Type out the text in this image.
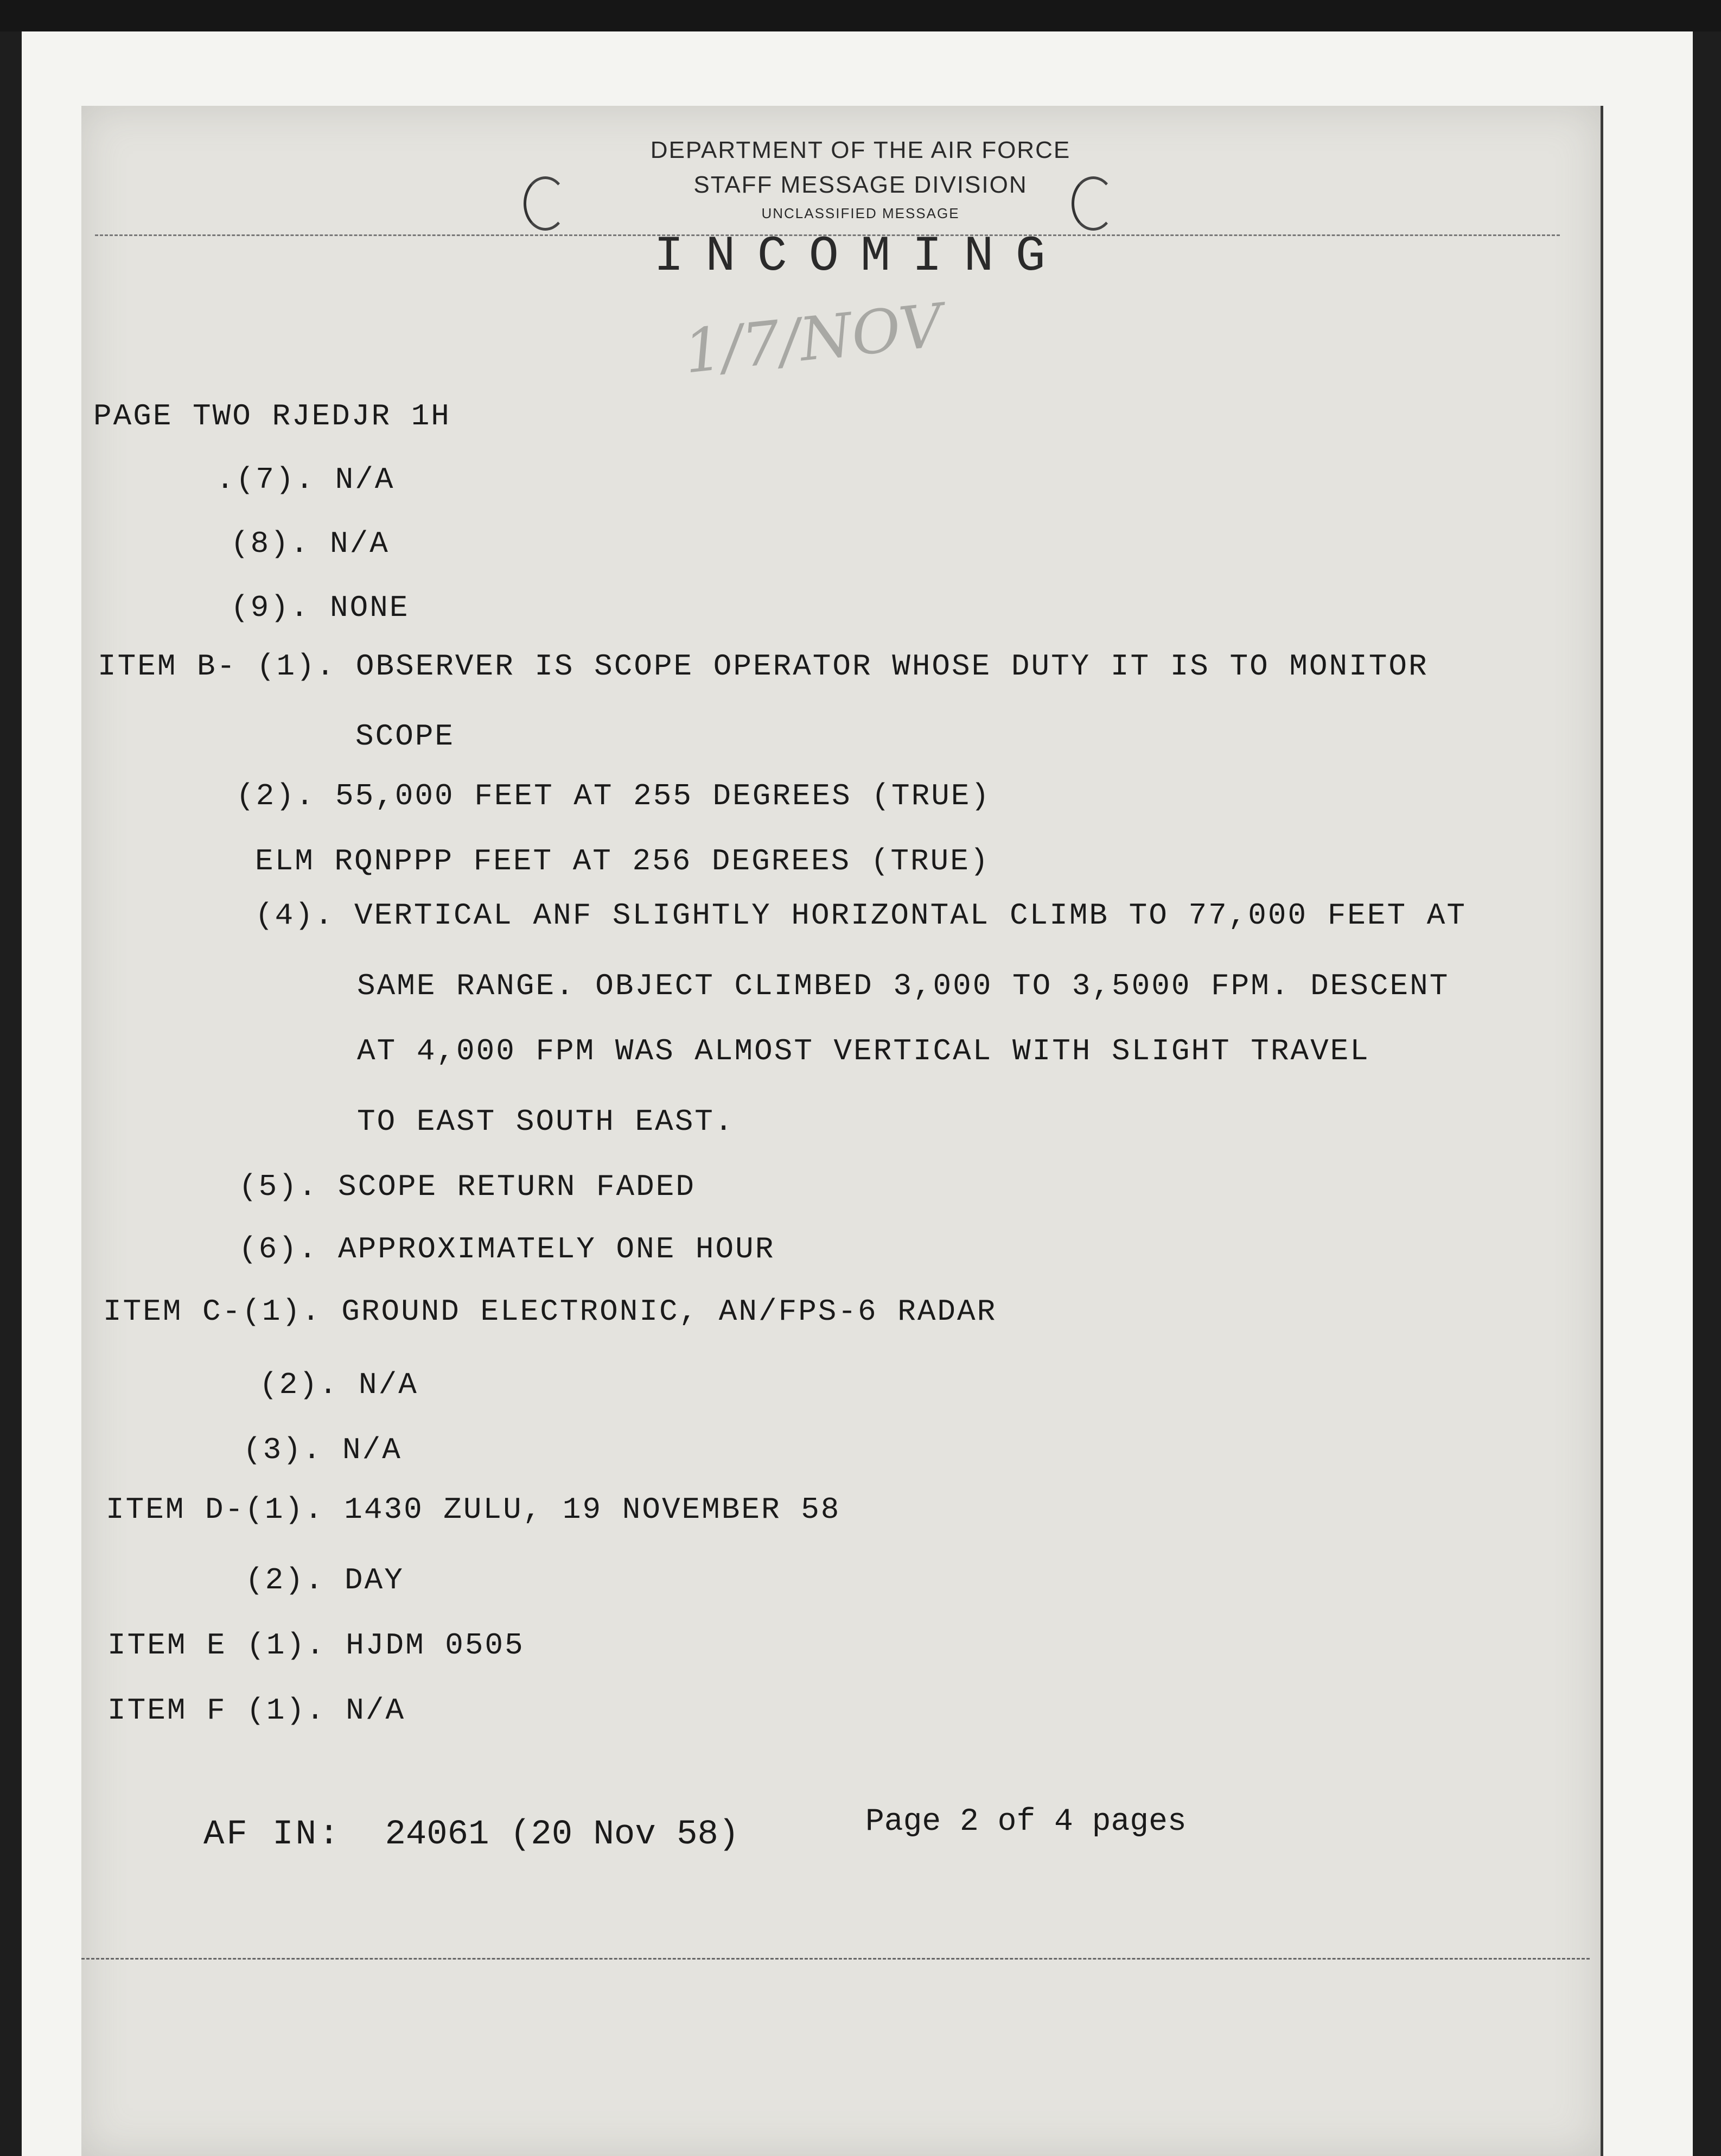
DEPARTMENT OF THE AIR FORCE
STAFF MESSAGE DIVISION
UNCLASSIFIED MESSAGE
INCOMING
1/7/NOV
PAGE TWO RJEDJR 1H
.(7). N/A
(8). N/A
(9). NONE
ITEM B- (1). OBSERVER IS SCOPE OPERATOR WHOSE DUTY IT IS TO MONITOR
SCOPE
(2). 55,000 FEET AT 255 DEGREES (TRUE)
ELM RQNPPP FEET AT 256 DEGREES (TRUE)
(4). VERTICAL ANF SLIGHTLY HORIZONTAL CLIMB TO 77,000 FEET AT
SAME RANGE. OBJECT CLIMBED 3,000 TO 3,5000 FPM. DESCENT
AT 4,000 FPM WAS ALMOST VERTICAL WITH SLIGHT TRAVEL
TO EAST SOUTH EAST.
(5). SCOPE RETURN FADED
(6). APPROXIMATELY ONE HOUR
ITEM C-(1). GROUND ELECTRONIC, AN/FPS-6 RADAR
(2). N/A
(3). N/A
ITEM D-(1). 1430 ZULU, 19 NOVEMBER 58
(2). DAY
ITEM E (1). HJDM 0505
ITEM F (1). N/A
AF IN: 24061 (20 Nov 58)	Page 2 of 4 pages
